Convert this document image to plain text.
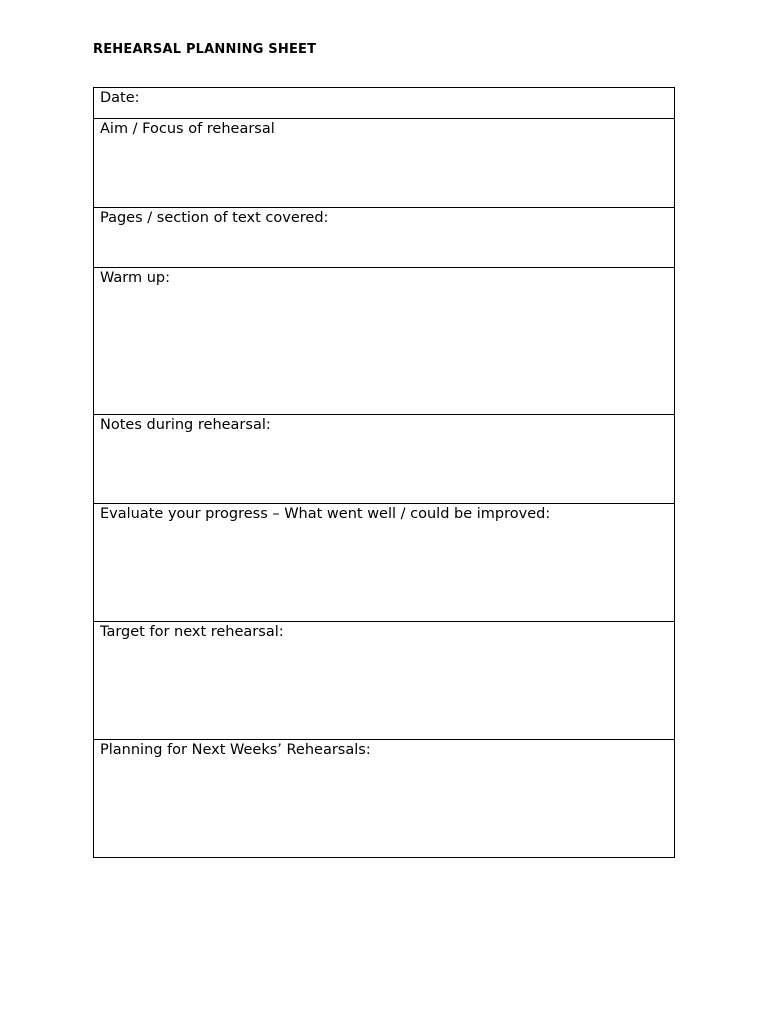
REHEARSAL PLANNING SHEET
Date:
Aim / Focus of rehearsal
Pages / section of text covered:
Warm up:
Notes during rehearsal:
Evaluate your progress – What went well / could be improved:
Target for next rehearsal:
Planning for Next Weeks’ Rehearsals:
